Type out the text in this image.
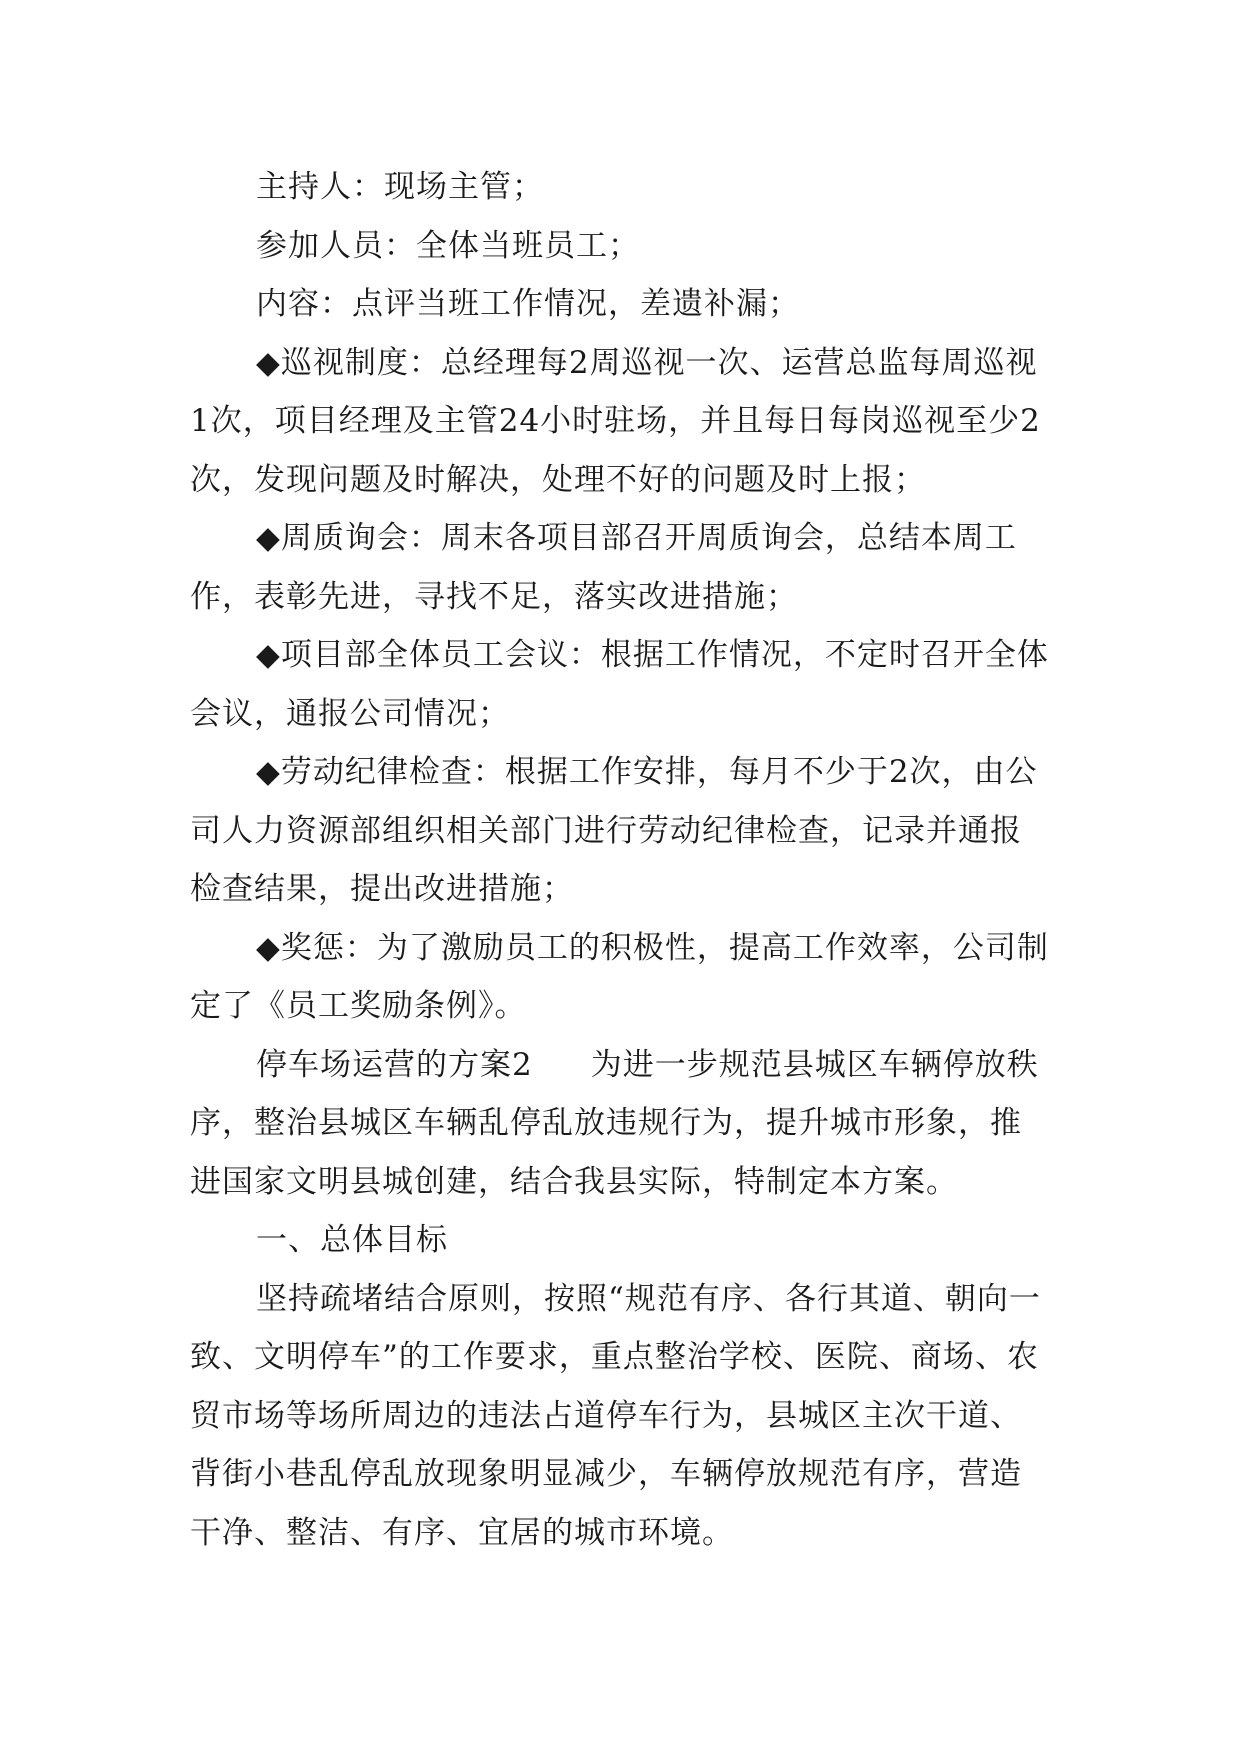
主持人：现场主管；

参加人员：全体当班员工；

内容：点评当班工作情况，差遗补漏；

◆巡视制度：总经理每2周巡视一次、运营总监每周巡视1次，项目经理及主管24小时驻场，并且每日每岗巡视至少2次，发现问题及时解决，处理不好的问题及时上报；

◆周质询会：周末各项目部召开周质询会，总结本周工作，表彰先进，寻找不足，落实改进措施；

◆项目部全体员工会议：根据工作情况，不定时召开全体会议，通报公司情况；

◆劳动纪律检查：根据工作安排，每月不少于2次，由公司人力资源部组织相关部门进行劳动纪律检查，记录并通报检查结果，提出改进措施；

◆奖惩：为了激励员工的积极性，提高工作效率，公司制定了《员工奖励条例》。

停车场运营的方案2 为进一步规范县城区车辆停放秩序，整治县城区车辆乱停乱放违规行为，提升城市形象，推进国家文明县城创建，结合我县实际，特制定本方案。

一、总体目标

坚持疏堵结合原则，按照“规范有序、各行其道、朝向一致、文明停车”的工作要求，重点整治学校、医院、商场、农贸市场等场所周边的违法占道停车行为，县城区主次干道、背街小巷乱停乱放现象明显减少，车辆停放规范有序，营造干净、整洁、有序、宜居的城市环境。
